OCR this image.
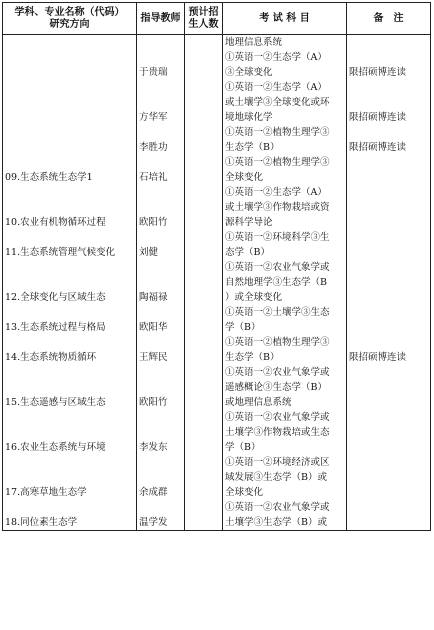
学科、专业名称（代码）
研究方向	指导教师	预计招
生人数	考 试 科 目	备　注

			地理信息系统	

	于贵瑞		①英语一②生态学（A）
③全球变化	限招硕博连读

	方华军		①英语一②生态学（A）
或土壤学③全球变化或环
境地球化学	限招硕博连读

	李胜功		①英语一②植物生理学③
生态学（B）	限招硕博连读

09.生态系统生态学1	石培礼		①英语一②植物生理学③
全球变化	

10.农业有机物循环过程	欧阳竹		①英语一②生态学（A）
或土壤学③作物栽培或资
源科学导论	

11.生态系统管理气候变化	刘健		①英语一②环境科学③生
态学（B）	

12.全球变化与区域生态	陶福禄		①英语一②农业气象学或
自然地理学③生态学（B
）或全球变化	

13.生态系统过程与格局	欧阳华		①英语一②土壤学③生态
学（B）	

14.生态系统物质循环	王辉民		①英语一②植物生理学③
生态学（B）	限招硕博连读

15.生态遥感与区域生态	欧阳竹		①英语一②农业气象学或
遥感概论③生态学（B）
或地理信息系统	

16.农业生态系统与环境	李发东		①英语一②农业气象学或
土壤学③作物栽培或生态
学（B）	

17.高寒草地生态学	余成群		①英语一②环境经济或区
域发展③生态学（B）或
全球变化	

18.同位素生态学	温学发		①英语一②农业气象学或
土壤学③生态学（B）或	
